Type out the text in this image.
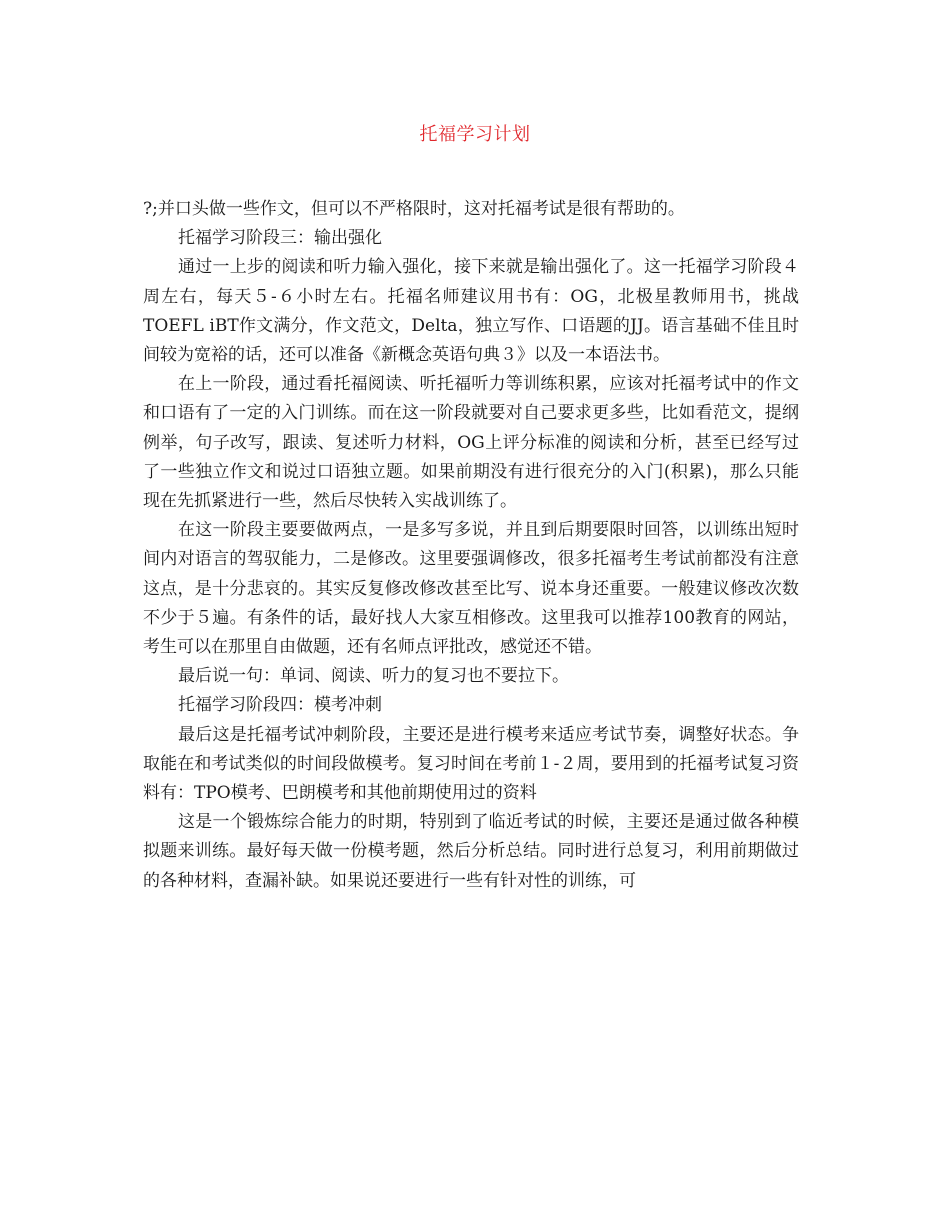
托福学习计划

?;并口头做一些作文，但可以不严格限时，这对托福考试是很有帮助的。

托福学习阶段三：输出强化

通过一上步的阅读和听力输入强化，接下来就是输出强化了。这一托福学习阶段４周左右，每天５-６小时左右。托福名师建议用书有：OG，北极星教师用书，挑战TOEFL iBT作文满分，作文范文，Delta，独立写作、口语题的JJ。语言基础不佳且时间较为宽裕的话，还可以准备《新概念英语句典３》以及一本语法书。

在上一阶段，通过看托福阅读、听托福听力等训练积累，应该对托福考试中的作文和口语有了一定的入门训练。而在这一阶段就要对自己要求更多些，比如看范文，提纲例举，句子改写，跟读、复述听力材料，OG上评分标准的阅读和分析，甚至已经写过了一些独立作文和说过口语独立题。如果前期没有进行很充分的入门(积累)，那么只能现在先抓紧进行一些，然后尽快转入实战训练了。

在这一阶段主要要做两点，一是多写多说，并且到后期要限时回答，以训练出短时间内对语言的驾驭能力，二是修改。这里要强调修改，很多托福考生考试前都没有注意这点，是十分悲哀的。其实反复修改修改甚至比写、说本身还重要。一般建议修改次数不少于５遍。有条件的话，最好找人大家互相修改。这里我可以推荐100教育的网站，考生可以在那里自由做题，还有名师点评批改，感觉还不错。

最后说一句：单词、阅读、听力的复习也不要拉下。

托福学习阶段四：模考冲刺

最后这是托福考试冲刺阶段，主要还是进行模考来适应考试节奏，调整好状态。争取能在和考试类似的时间段做模考。复习时间在考前１-２周，要用到的托福考试复习资料有：TPO模考、巴朗模考和其他前期使用过的资料

这是一个锻炼综合能力的时期，特别到了临近考试的时候，主要还是通过做各种模拟题来训练。最好每天做一份模考题，然后分析总结。同时进行总复习，利用前期做过的各种材料，查漏补缺。如果说还要进行一些有针对性的训练，可
